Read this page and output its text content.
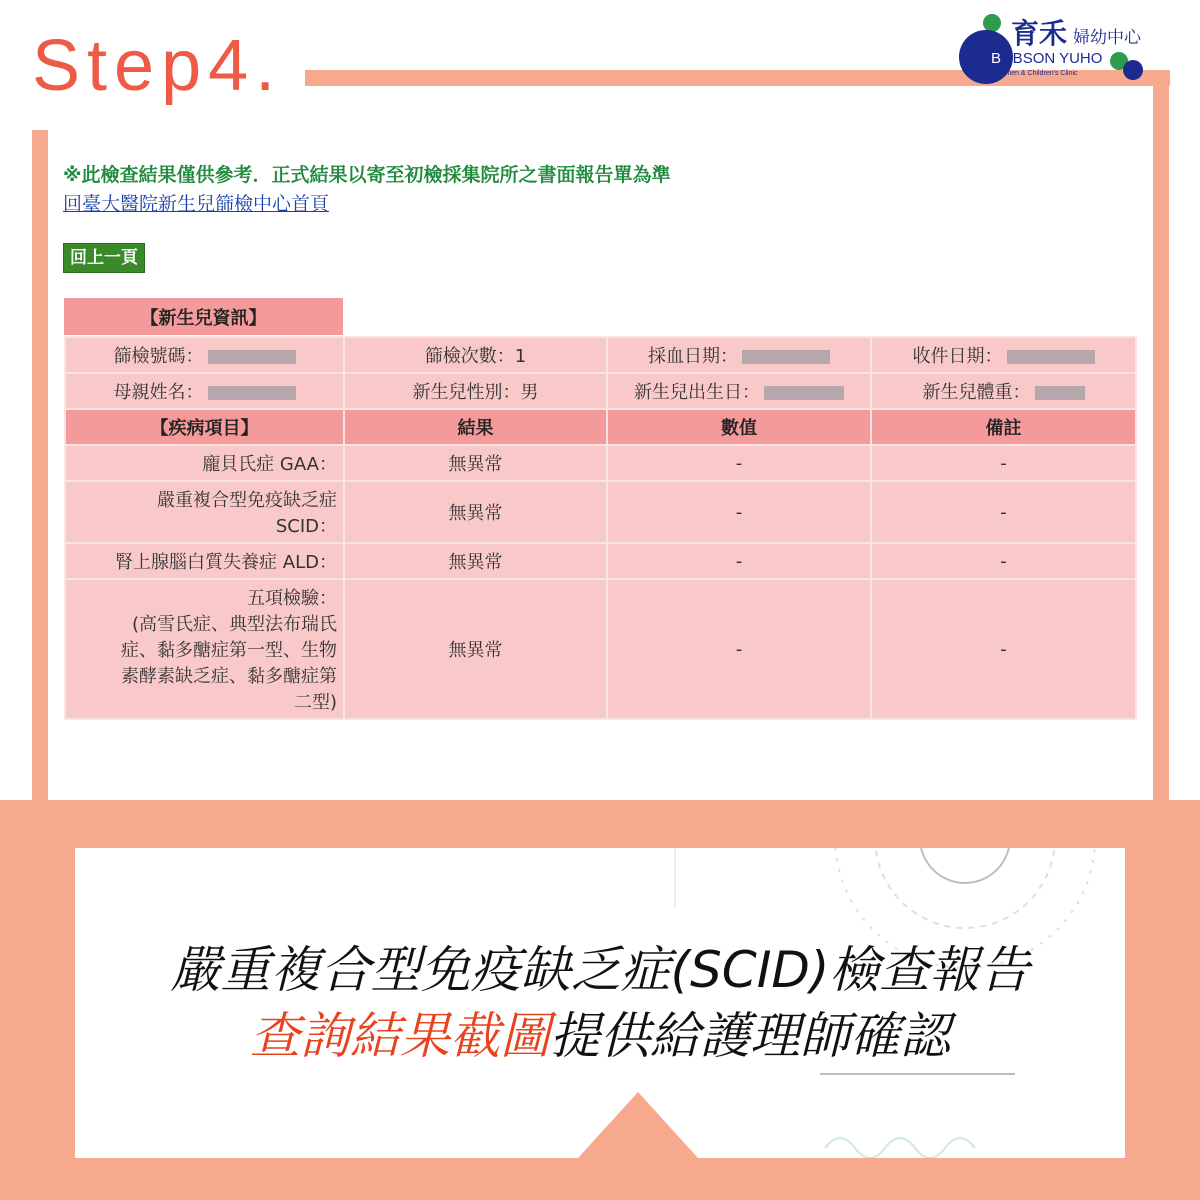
Step4.	育禾 婦幼中心
BOBSON YUHO
Women & Children's Clinic

※此檢查結果僅供參考．正式結果以寄至初檢採集院所之書面報告單為準

回臺大醫院新生兒篩檢中心首頁
回上一頁
【新生兒資訊】
篩檢號碼：	篩檢次數：1	採血日期：	收件日期：
母親姓名：	新生兒性別：男	新生兒出生日：	新生兒體重：
【疾病項目】	結果	數值	備註
龐貝氏症 GAA：	無異常	-	-

嚴重複合型免疫缺乏症
SCID：	無異常	-	-
腎上腺腦白質失養症 ALD：	無異常	-	-

五項檢驗：
(高雪氏症、典型法布瑞氏
症、黏多醣症第一型、生物
素酵素缺乏症、黏多醣症第
二型)	無異常	-	-
嚴重複合型免疫缺乏症(SCID)檢查報告
查詢結果截圖提供給護理師確認
